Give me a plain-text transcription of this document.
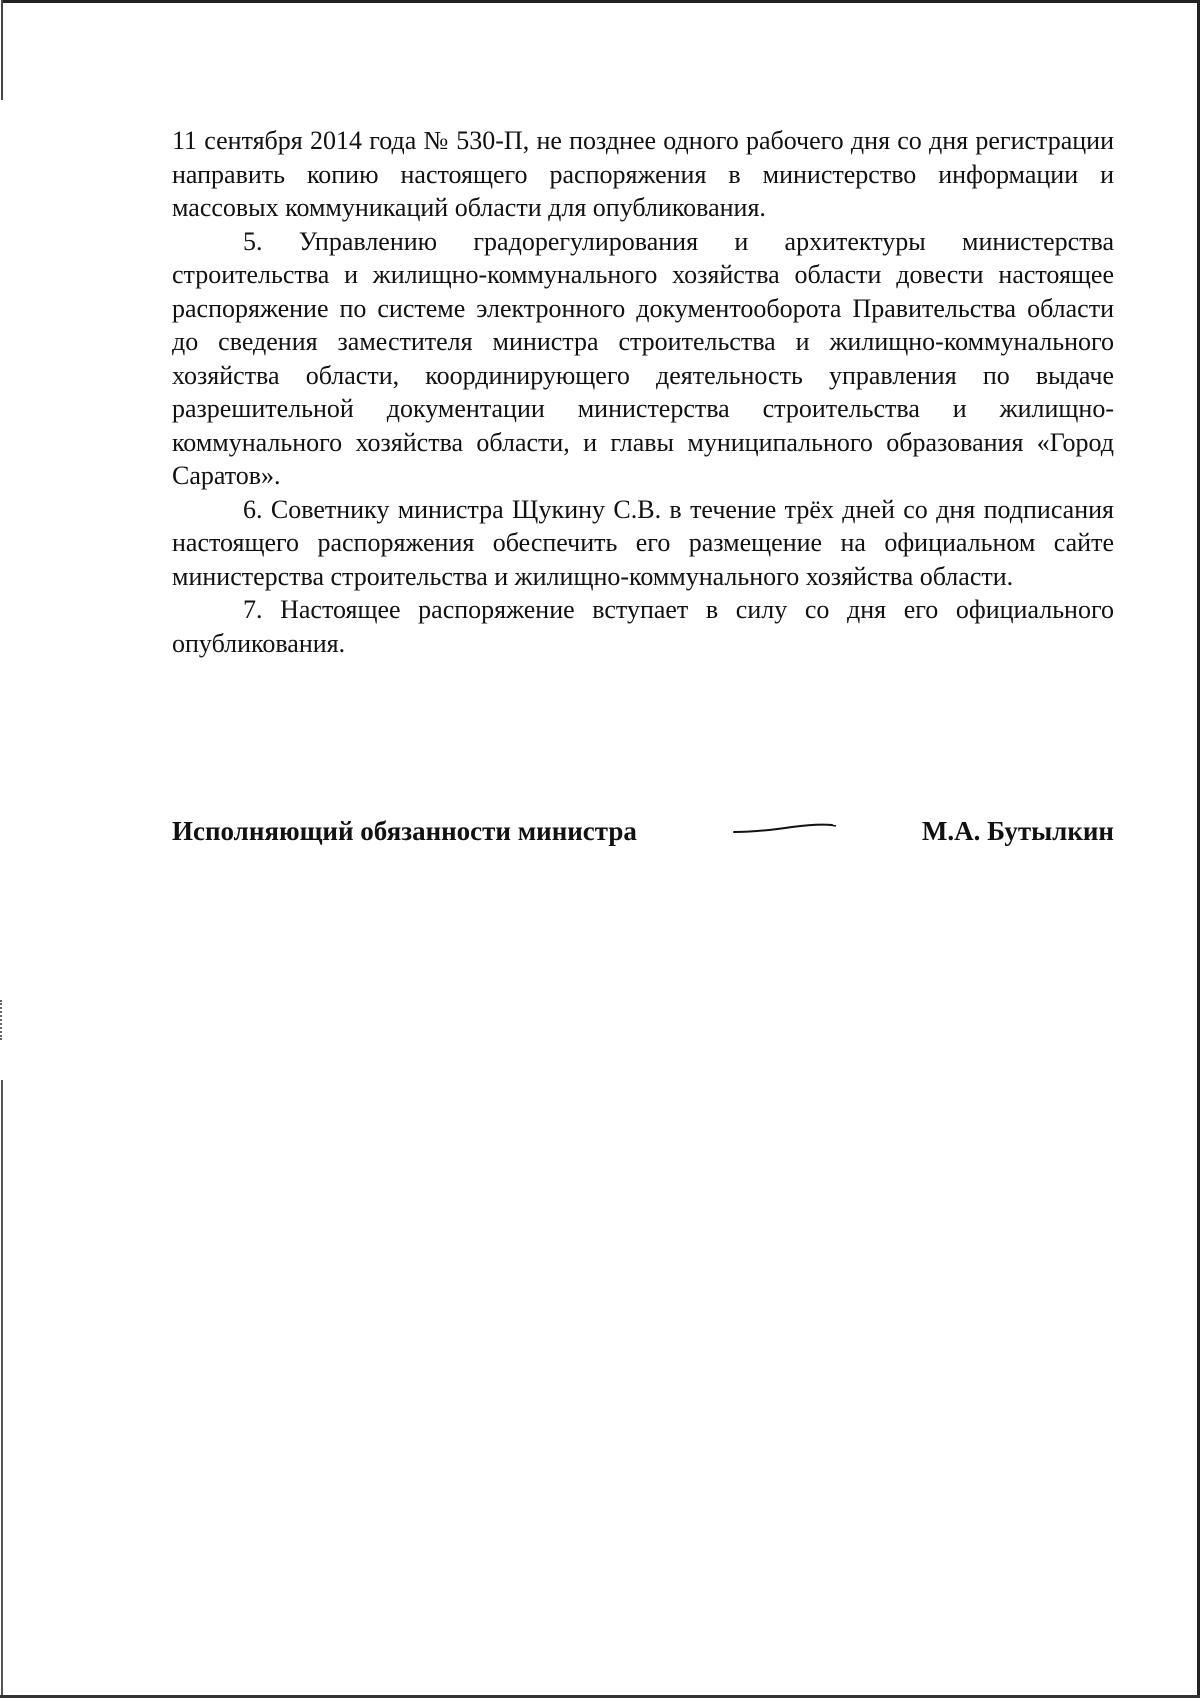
11 сентября 2014 года № 530-П, не позднее одного рабочего дня со дня регистрации направить копию настоящего распоряжения в министерство информации и массовых коммуникаций области для опубликования.

5. Управлению градорегулирования и архитектуры министерства строительства и жилищно-коммунального хозяйства области довести настоящее распоряжение по системе электронного документооборота Правительства области до сведения заместителя министра строительства и жилищно-коммунального хозяйства области, координирующего деятельность управления по выдаче разрешительной документации министерства строительства и жилищно-коммунального хозяйства области, и главы муниципального образования «Город Саратов».

6. Советнику министра Щукину С.В. в течение трёх дней со дня подписания настоящего распоряжения обеспечить его размещение на официальном сайте министерства строительства и жилищно-коммунального хозяйства области.

7. Настоящее распоряжение вступает в силу со дня его официального опубликования.

Исполняющий обязанности министра	М.А. Бутылкин
